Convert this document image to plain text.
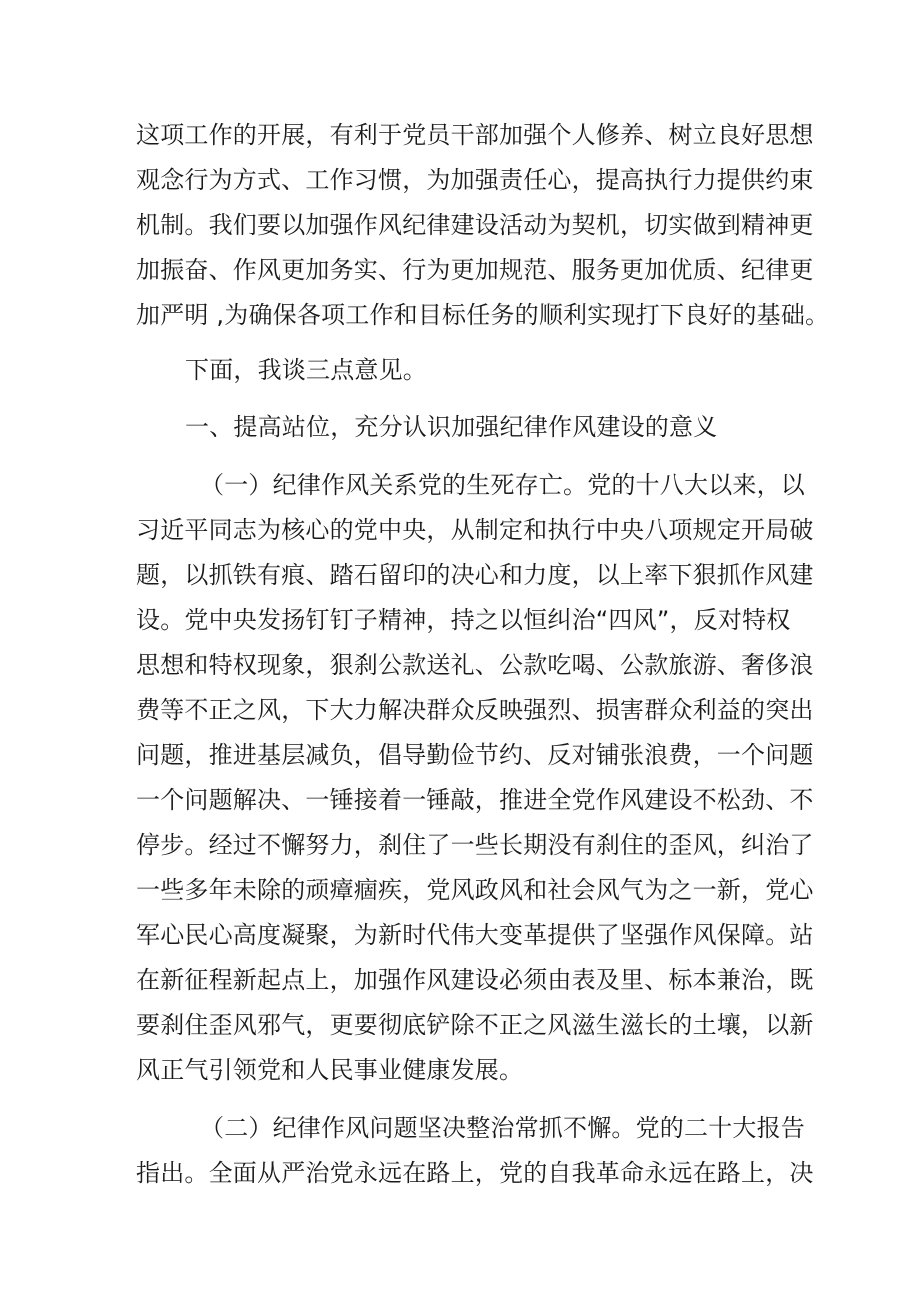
这项工作的开展，有利于党员干部加强个人修养、树立良好思想
观念行为方式、工作习惯，为加强责任心，提高执行力提供约束
机制。我们要以加强作风纪律建设活动为契机，切实做到精神更
加振奋、作风更加务实、行为更加规范、服务更加优质、纪律更
加严明 ,为确保各项工作和目标任务的顺利实现打下良好的基础。
下面，我谈三点意见。
一、提高站位，充分认识加强纪律作风建设的意义
（一）纪律作风关系党的生死存亡。党的十八大以来，以
习近平同志为核心的党中央，从制定和执行中央八项规定开局破
题，以抓铁有痕、踏石留印的决心和力度，以上率下狠抓作风建
设。党中央发扬钉钉子精神，持之以恒纠治“四风”，反对特权
思想和特权现象，狠刹公款送礼、公款吃喝、公款旅游、奢侈浪
费等不正之风，下大力解决群众反映强烈、损害群众利益的突出
问题，推进基层减负，倡导勤俭节约、反对铺张浪费，一个问题
一个问题解决、一锤接着一锤敲，推进全党作风建设不松劲、不
停步。经过不懈努力，刹住了一些长期没有刹住的歪风，纠治了
一些多年未除的顽瘴痼疾，党风政风和社会风气为之一新，党心
军心民心高度凝聚，为新时代伟大变革提供了坚强作风保障。站
在新征程新起点上，加强作风建设必须由表及里、标本兼治，既
要刹住歪风邪气，更要彻底铲除不正之风滋生滋长的土壤，以新
风正气引领党和人民事业健康发展。
（二）纪律作风问题坚决整治常抓不懈。党的二十大报告
指出。全面从严治党永远在路上，党的自我革命永远在路上，决
